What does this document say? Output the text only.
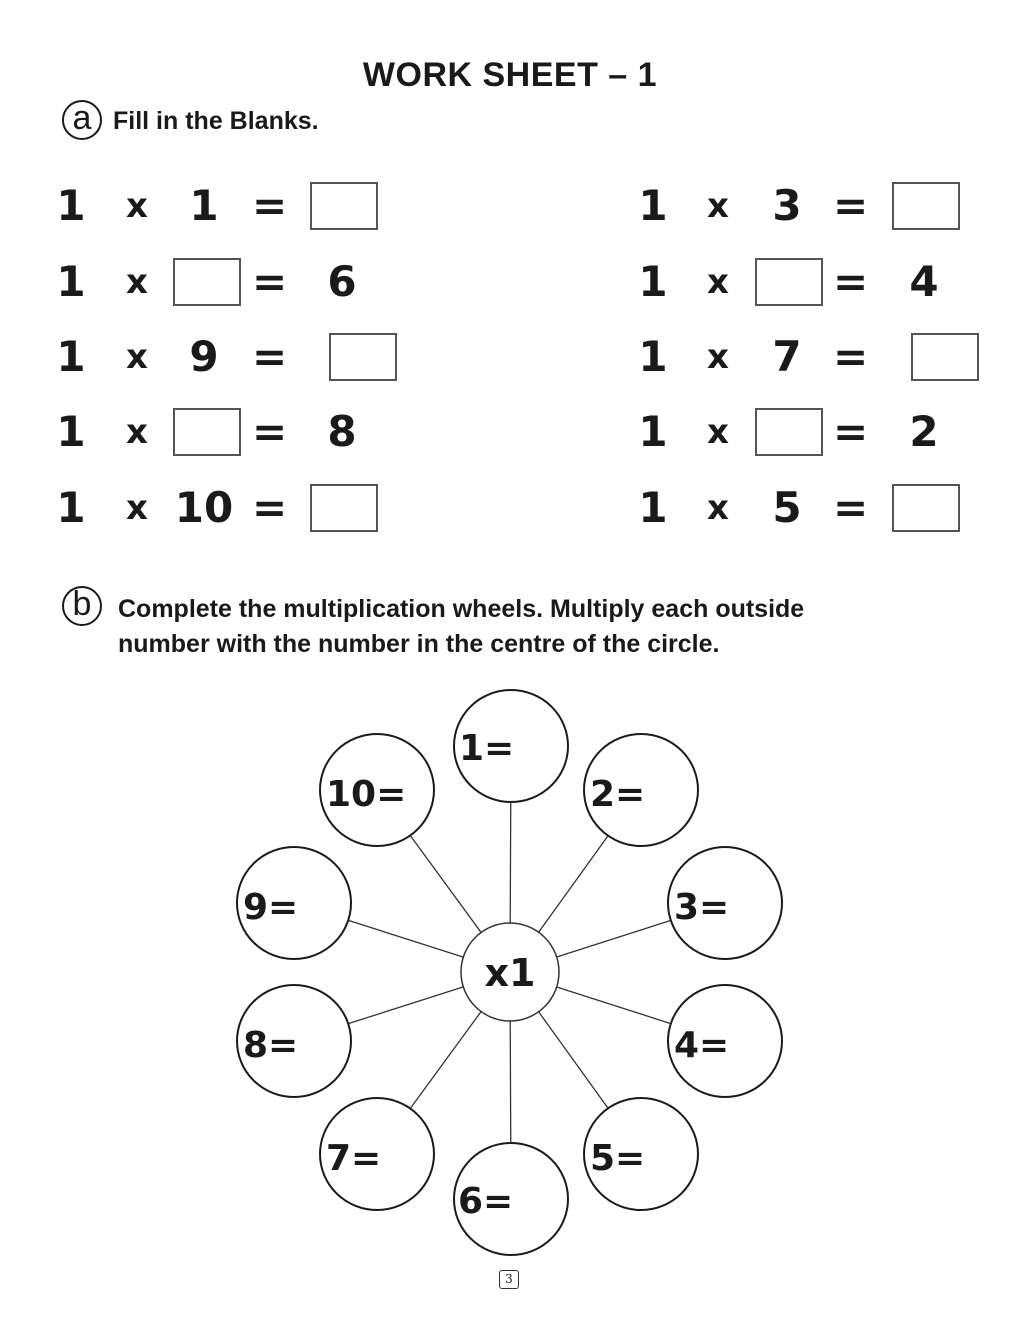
WORK SHEET – 1
a Fill in the Blanks.
1 x 1 =
1 x = 6
1 x 9 =
1 x = 8
1 x 10 =
1 x	3 =
1 x = 4
1 x	7 =
1 x = 2
1 x	5 =
b Complete the multiplication wheels. Multiply each outside
number with the number in the centre of the circle.
1=
2=
3=
4=
5=
6=
7=
8=
9=
10=
x1
3
